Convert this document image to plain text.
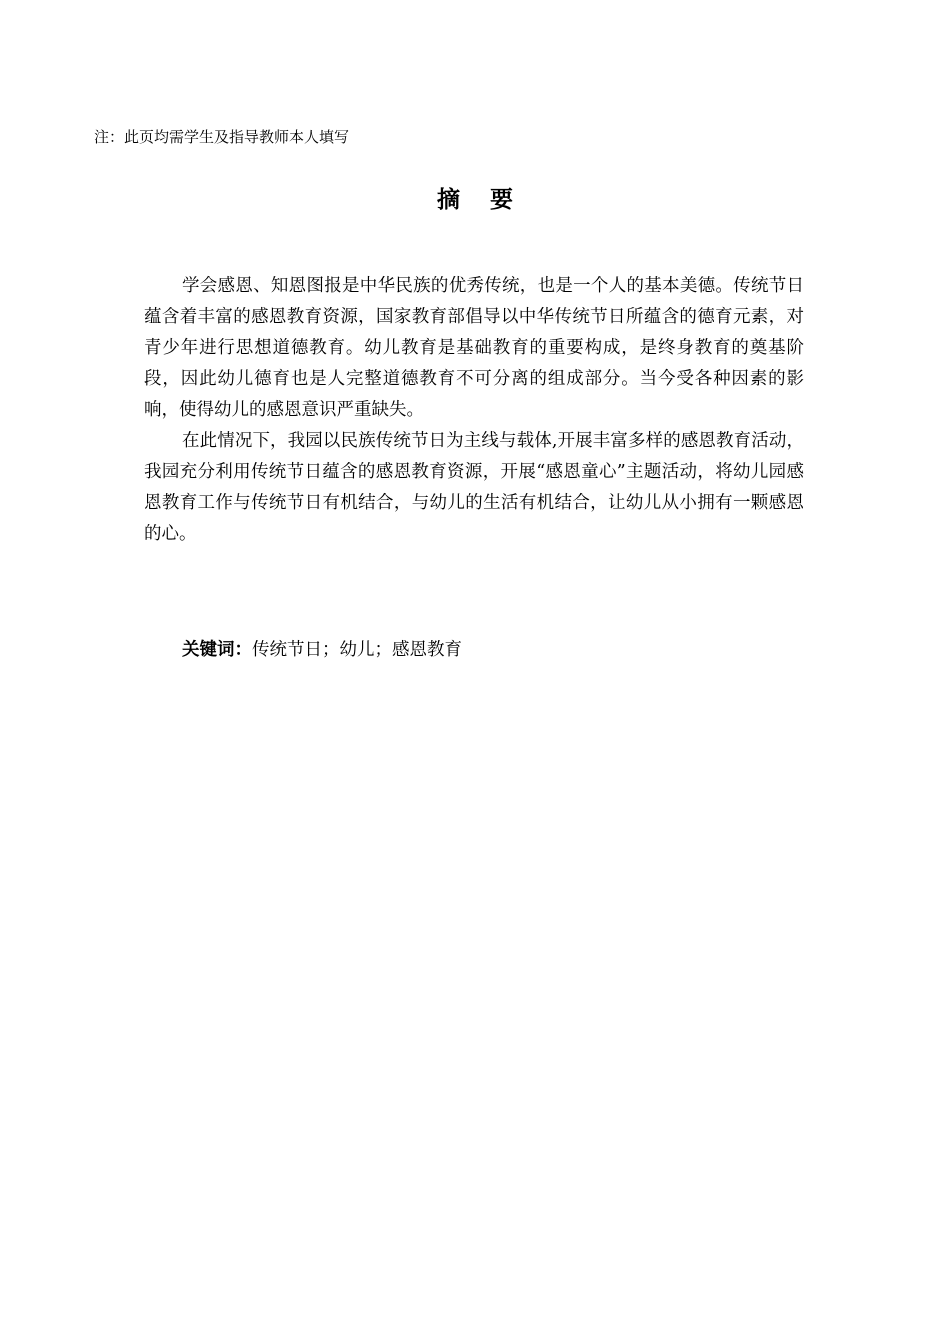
注：此页均需学生及指导教师本人填写
摘要

学会感恩、知恩图报是中华民族的优秀传统，也是一个人的基本美德。传统节日蕴含着丰富的感恩教育资源，国家教育部倡导以中华传统节日所蕴含的德育元素，对青少年进行思想道德教育。幼儿教育是基础教育的重要构成，是终身教育的奠基阶段，因此幼儿德育也是人完整道德教育不可分离的组成部分。当今受各种因素的影响，使得幼儿的感恩意识严重缺失。

在此情况下，我园以民族传统节日为主线与载体,开展丰富多样的感恩教育活动，我园充分利用传统节日蕴含的感恩教育资源，开展“感恩童心”主题活动，将幼儿园感恩教育工作与传统节日有机结合，与幼儿的生活有机结合，让幼儿从小拥有一颗感恩的心。

关键词：传统节日；幼儿；感恩教育
